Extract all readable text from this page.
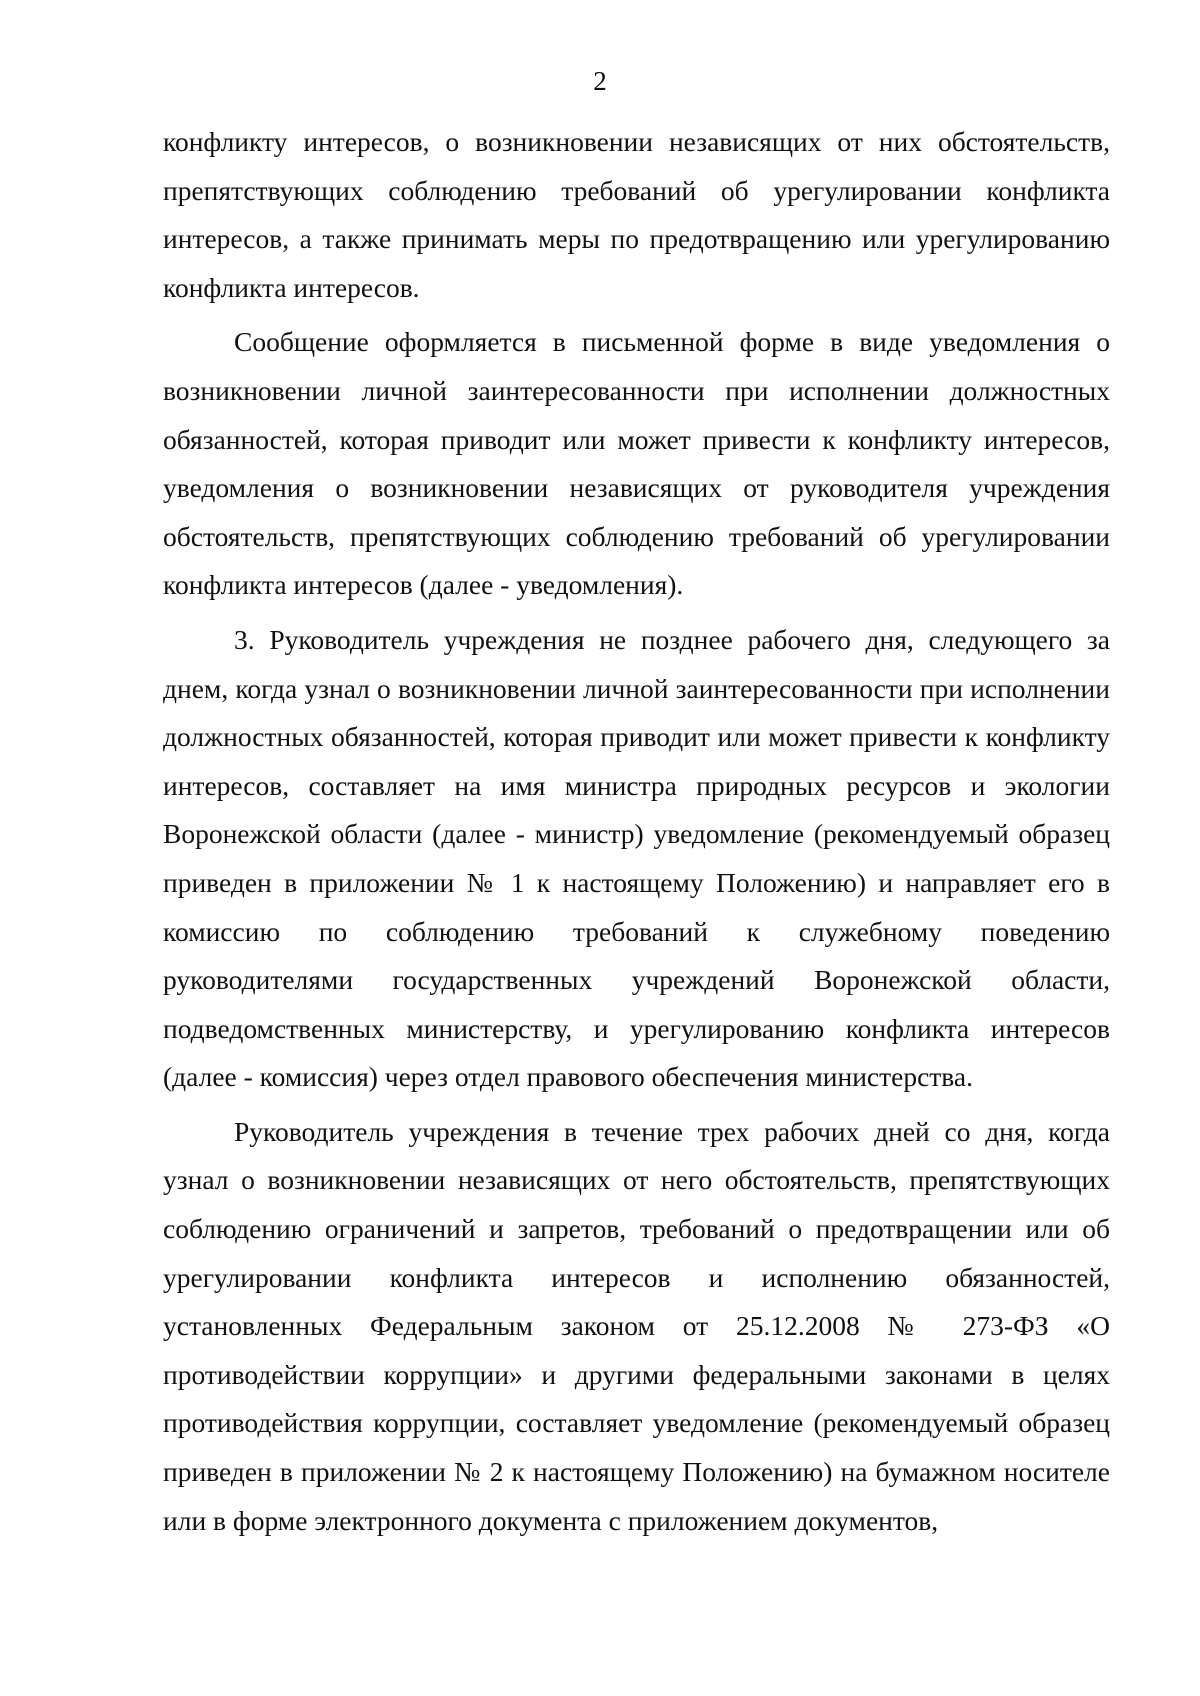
2

конфликту интересов, о возникновении независящих от них обстоятельств, препятствующих соблюдению требований об урегулировании конфликта интересов, а также принимать меры по предотвращению или урегулированию конфликта интересов.

Сообщение оформляется в письменной форме в виде уведомления о возникновении личной заинтересованности при исполнении должностных обязанностей, которая приводит или может привести к конфликту интересов, уведомления о возникновении независящих от руководителя учреждения обстоятельств, препятствующих соблюдению требований об урегулировании конфликта интересов (далее - уведомления).

3. Руководитель учреждения не позднее рабочего дня, следующего за днем, когда узнал о возникновении личной заинтересованности при исполнении должностных обязанностей, которая приводит или может привести к конфликту интересов, составляет на имя министра природных ресурсов и экологии Воронежской области (далее - министр) уведомление (рекомендуемый образец приведен в приложении № 1 к настоящему Положению) и направляет его в комиссию по соблюдению требований к служебному поведению руководителями государственных учреждений Воронежской области, подведомственных министерству, и урегулированию конфликта интересов (далее - комиссия) через отдел правового обеспечения министерства.

Руководитель учреждения в течение трех рабочих дней со дня, когда узнал о возникновении независящих от него обстоятельств, препятствующих соблюдению ограничений и запретов, требований о предотвращении или об урегулировании конфликта интересов и исполнению обязанностей, установленных Федеральным законом от 25.12.2008 № 273-ФЗ «О противодействии коррупции» и другими федеральными законами в целях противодействия коррупции, составляет уведомление (рекомендуемый образец приведен в приложении № 2 к настоящему Положению) на бумажном носителе или в форме электронного документа с приложением документов,
